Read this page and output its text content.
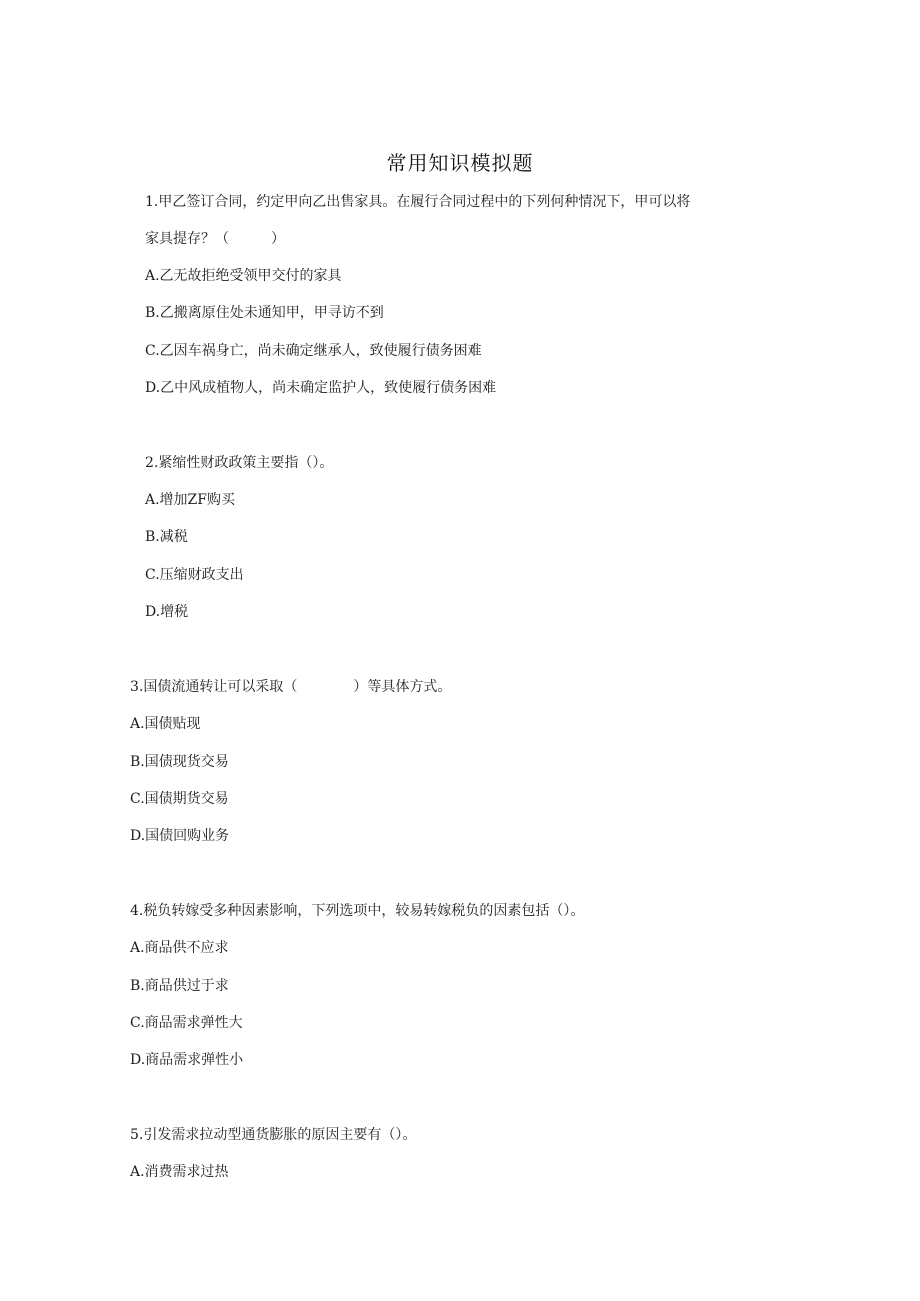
常用知识模拟题
1.甲乙签订合同，约定甲向乙出售家具。在履行合同过程中的下列何种情况下，甲可以将
家具提存？（　　　）
A.乙无故拒绝受领甲交付的家具
B.乙搬离原住处未通知甲，甲寻访不到
C.乙因车祸身亡，尚未确定继承人，致使履行债务困难
D.乙中风成植物人，尚未确定监护人，致使履行债务困难
2.紧缩性财政政策主要指（）。
A.增加ZF购买
B.减税
C.压缩财政支出
D.增税
3.国债流通转让可以采取（　　　　）等具体方式。
A.国债贴现
B.国债现货交易
C.国债期货交易
D.国债回购业务
4.税负转嫁受多种因素影响，下列选项中，较易转嫁税负的因素包括（）。
A.商品供不应求
B.商品供过于求
C.商品需求弹性大
D.商品需求弹性小
5.引发需求拉动型通货膨胀的原因主要有（）。
A.消费需求过热
